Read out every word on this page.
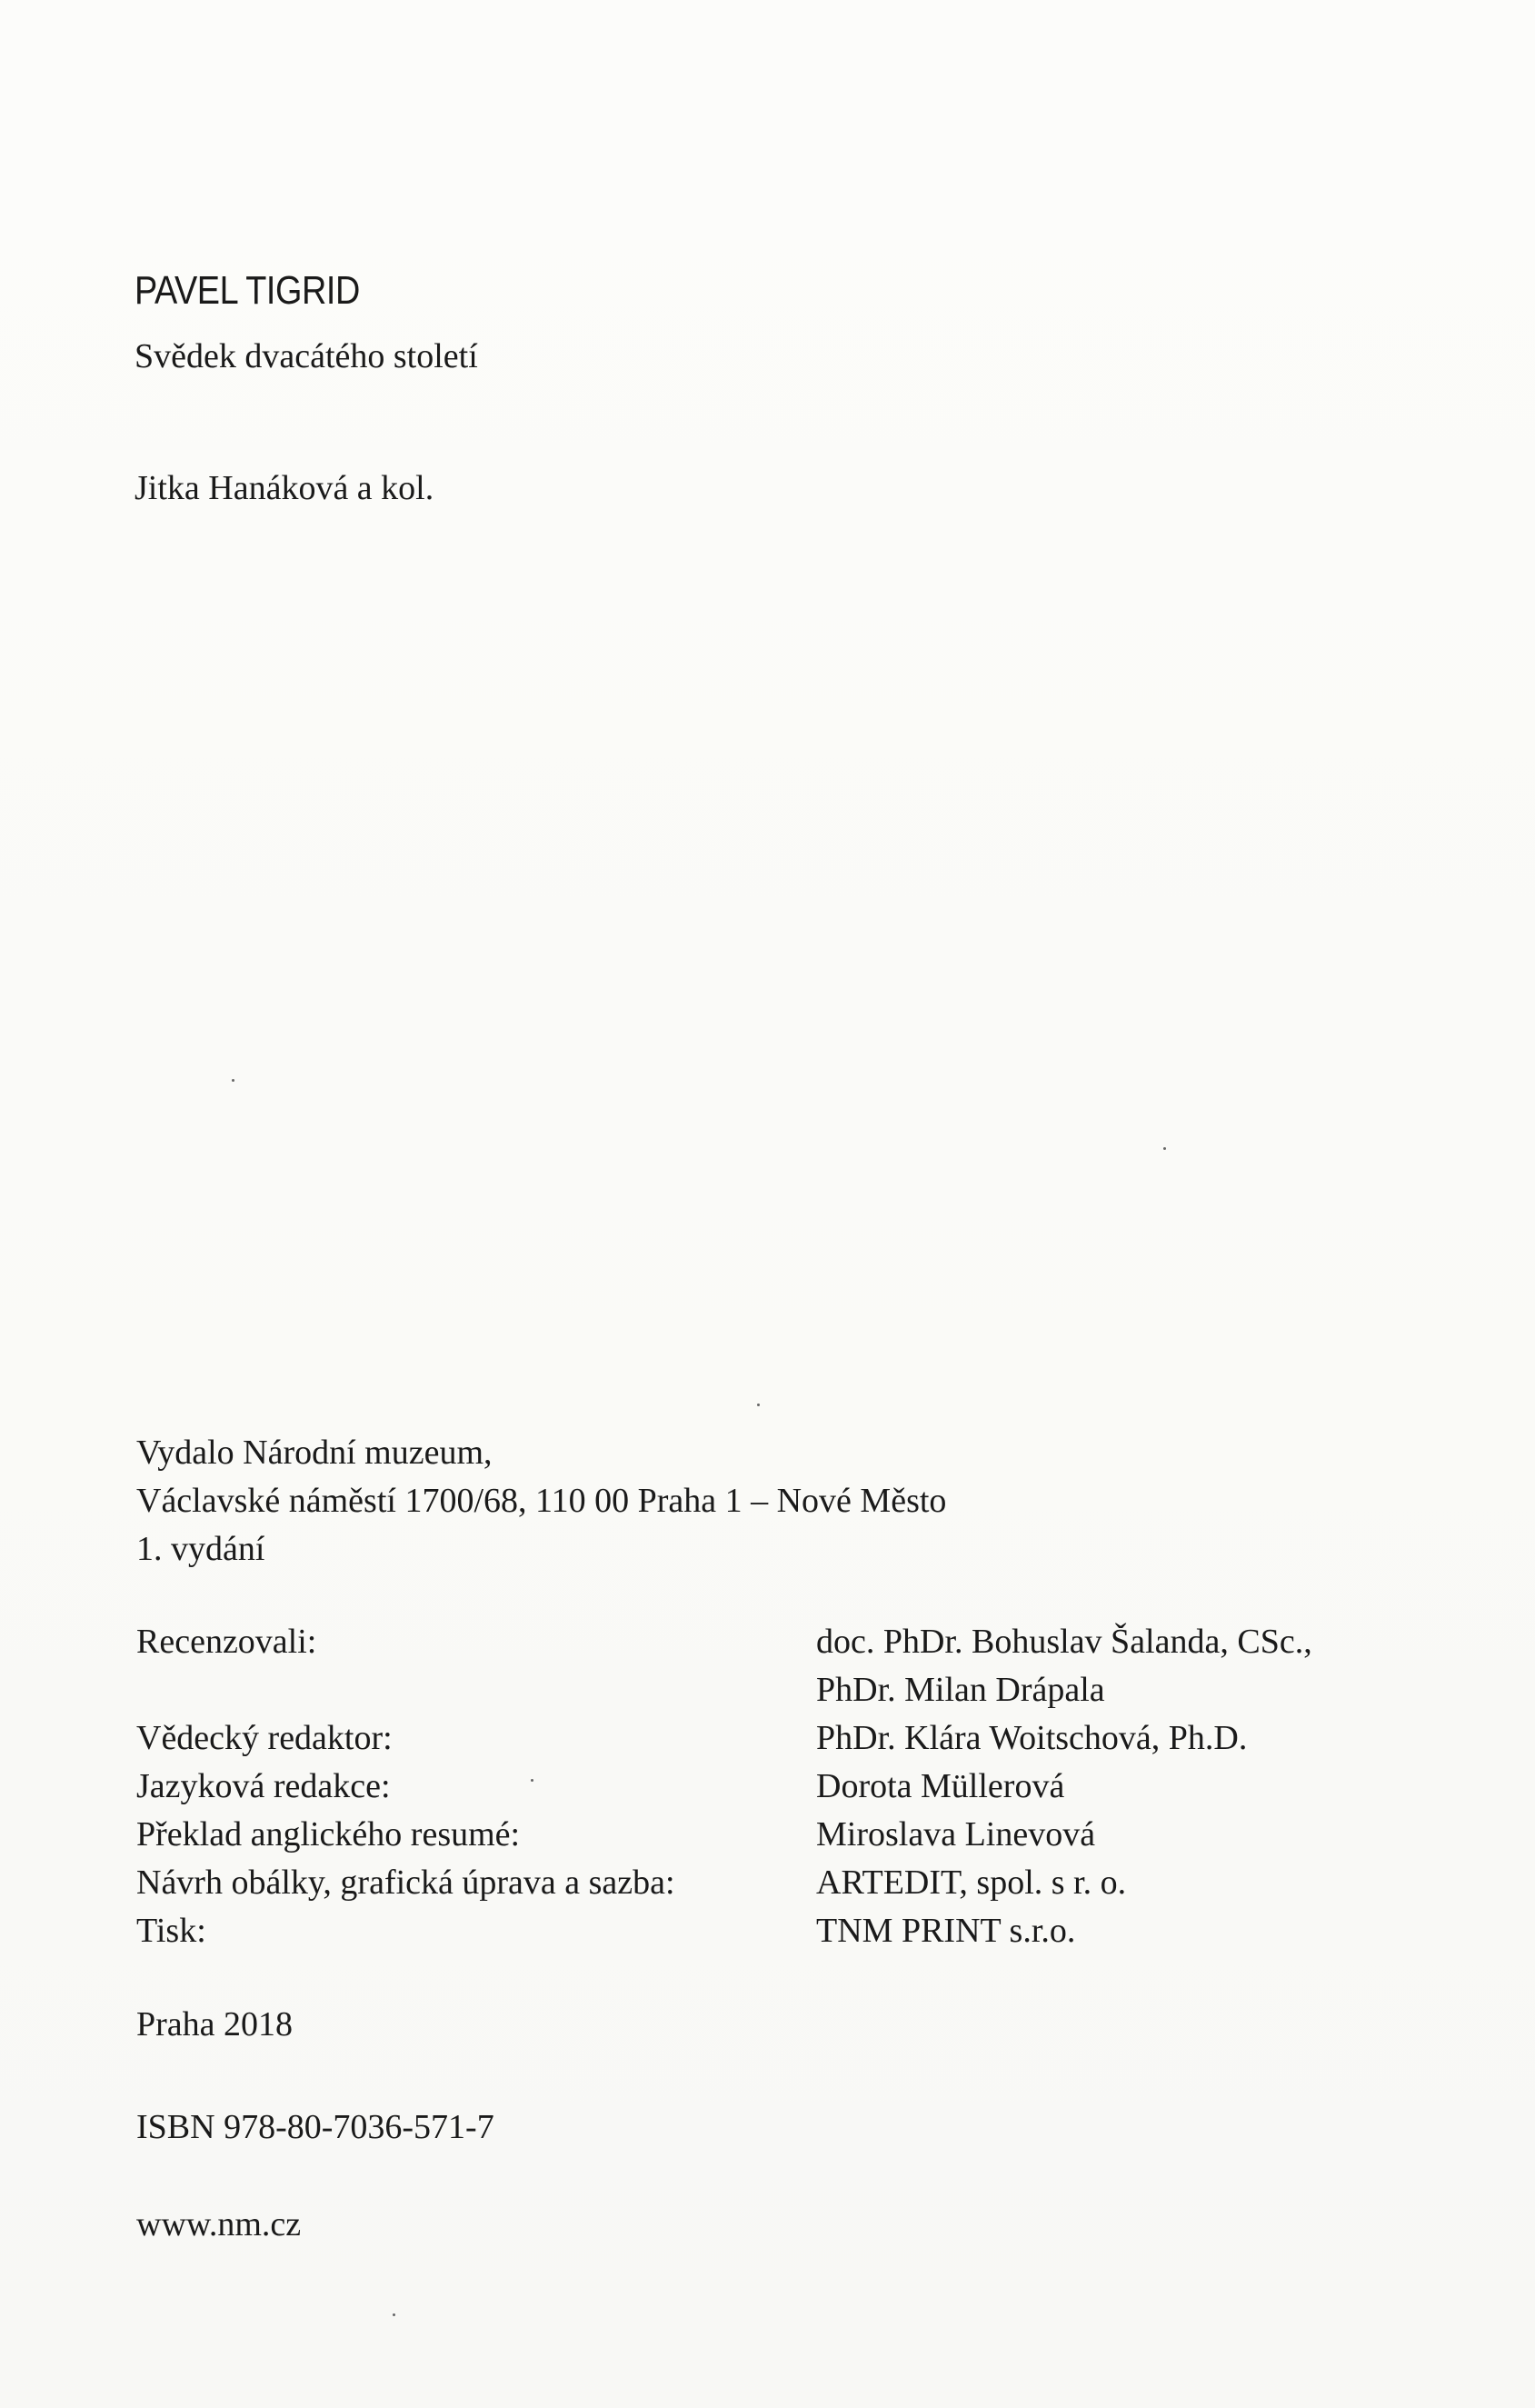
PAVEL TIGRID
Svědek dvacátého století
Jitka Hanáková a kol.
Vydalo Národní muzeum,
Václavské náměstí 1700/68, 110 00 Praha 1 – Nové Město
1. vydání
Recenzovali:	doc. PhDr. Bohuslav Šalanda, CSc.,
PhDr. Milan Drápala
Vědecký redaktor:	PhDr. Klára Woitschová, Ph.D.
Jazyková redakce:	Dorota Müllerová
Překlad anglického resumé:	Miroslava Linevová
Návrh obálky, grafická úprava a sazba:	ARTEDIT, spol. s r. o.
Tisk:	TNM PRINT s.r.o.
Praha 2018
ISBN 978-80-7036-571-7
www.nm.cz
